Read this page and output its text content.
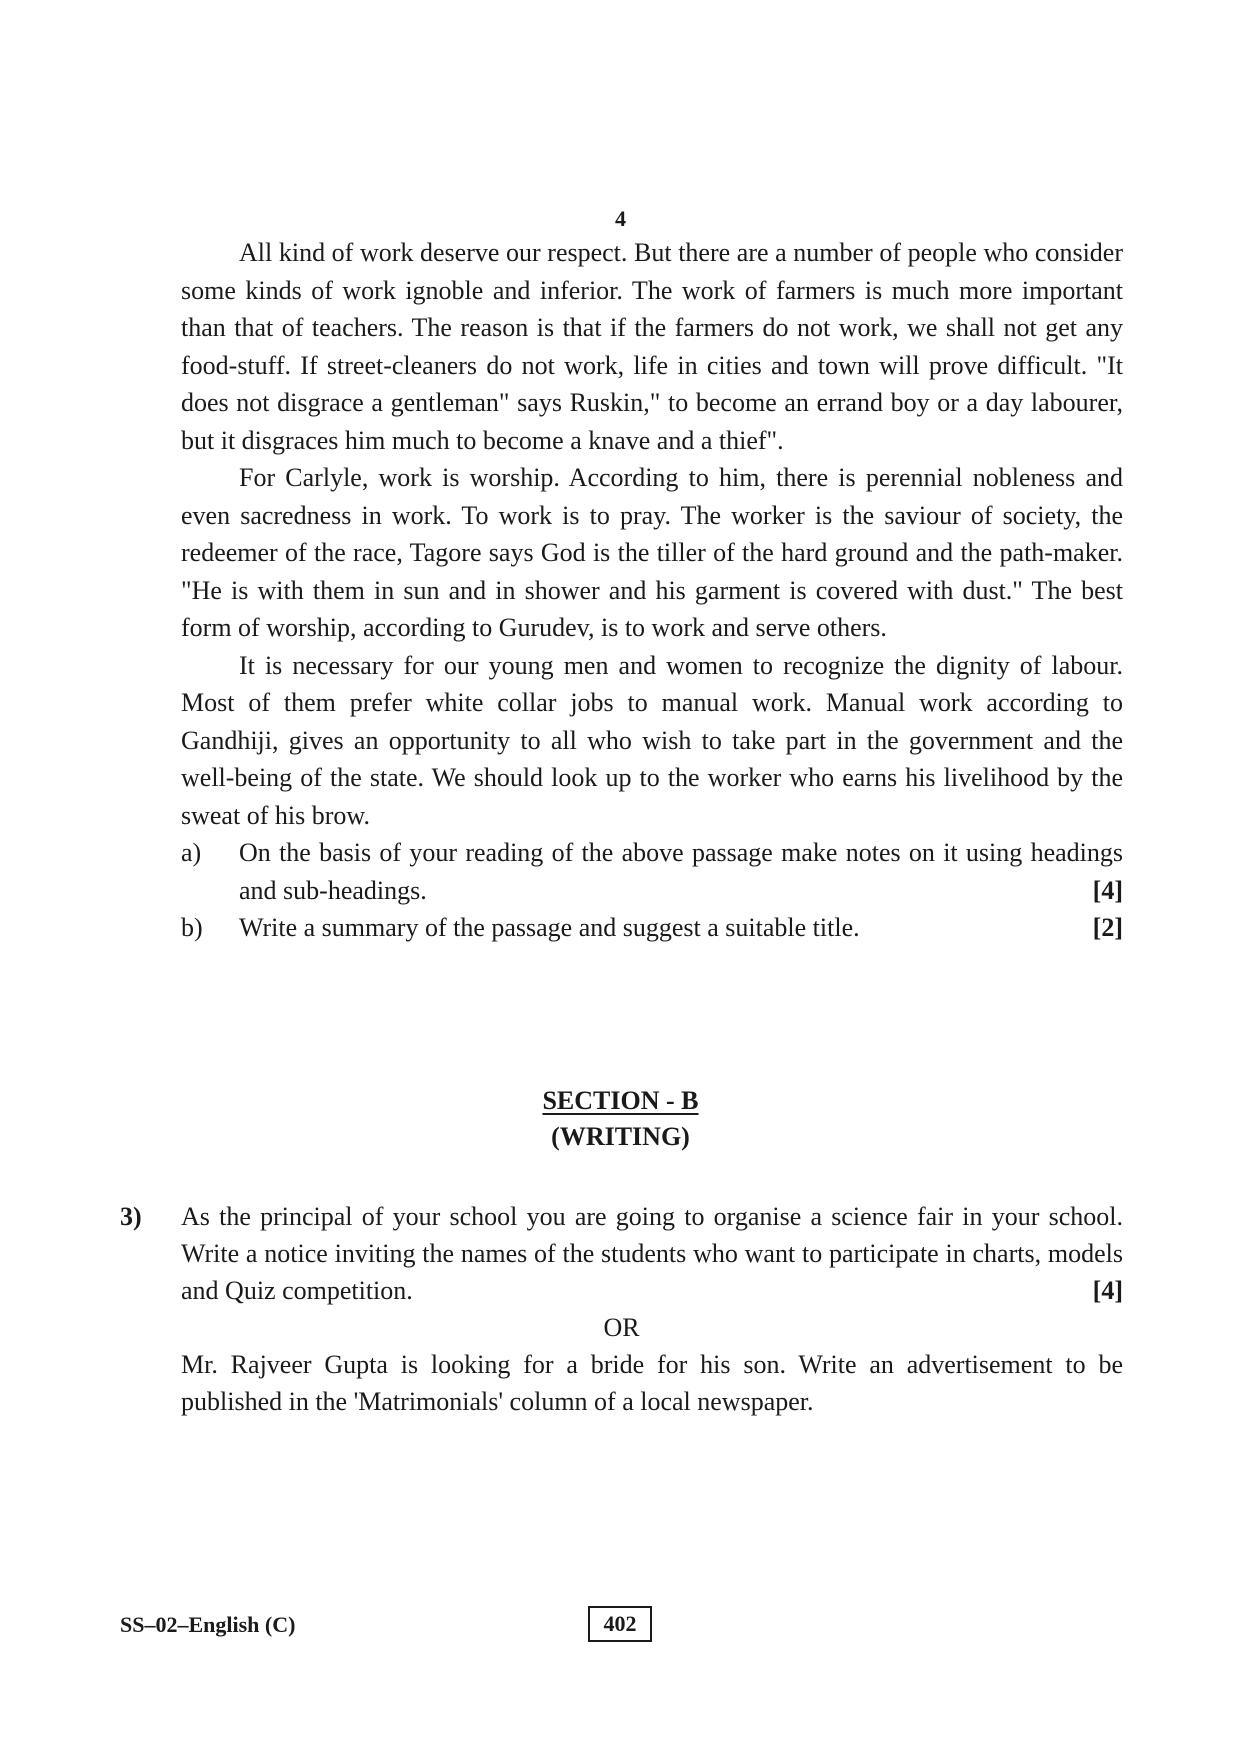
4

All kind of work deserve our respect. But there are a number of people who consider some kinds of work ignoble and inferior. The work of farmers is much more important than that of teachers. The reason is that if the farmers do not work, we shall not get any food-stuff. If street-cleaners do not work, life in cities and town will prove difficult. "It does not disgrace a gentleman" says Ruskin," to become an errand boy or a day labourer, but it disgraces him much to become a knave and a thief".

For Carlyle, work is worship. According to him, there is perennial nobleness and even sacredness in work. To work is to pray. The worker is the saviour of society, the redeemer of the race, Tagore says God is the tiller of the hard ground and the path-maker. "He is with them in sun and in shower and his garment is covered with dust." The best form of worship, according to Gurudev, is to work and serve others.

It is necessary for our young men and women to recognize the dignity of labour. Most of them prefer white collar jobs to manual work. Manual work according to Gandhiji, gives an opportunity to all who wish to take part in the government and the well-being of the state. We should look up to the worker who earns his livelihood by the sweat of his brow.

a) On the basis of your reading of the above passage make notes on it using headings and sub-headings.	[4]
b) Write a summary of the passage and suggest a suitable title.	[2]
SECTION - B
(WRITING)
3) As the principal of your school you are going to organise a science fair in your school. Write a notice inviting the names of the students who want to participate in charts, models and Quiz competition.	[4]
OR
Mr. Rajveer Gupta is looking for a bride for his son. Write an advertisement to be published in the 'Matrimonials' column of a local newspaper.
SS–02–English (C)	402
